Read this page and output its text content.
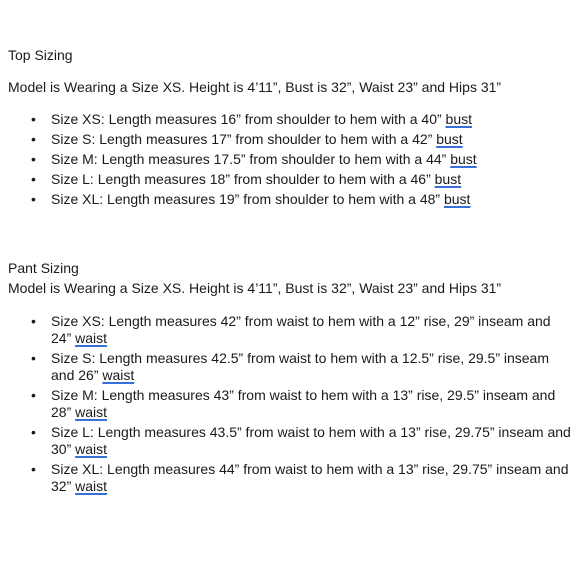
Top Sizing

Model is Wearing a Size XS. Height is 4’11”, Bust is 32”, Waist 23” and Hips 31”

• Size XS: Length measures 16” from shoulder to hem with a 40” bust
• Size S: Length measures 17” from shoulder to hem with a 42” bust
• Size M: Length measures 17.5” from shoulder to hem with a 44” bust
• Size L: Length measures 18” from shoulder to hem with a 46” bust
• Size XL: Length measures 19” from shoulder to hem with a 48” bust

Pant Sizing

Model is Wearing a Size XS. Height is 4’11”, Bust is 32”, Waist 23” and Hips 31”

• Size XS: Length measures 42” from waist to hem with a 12” rise, 29” inseam and 24” waist
• Size S: Length measures 42.5” from waist to hem with a 12.5” rise, 29.5” inseam and 26” waist
• Size M: Length measures 43” from waist to hem with a 13” rise, 29.5” inseam and 28” waist
• Size L: Length measures 43.5” from waist to hem with a 13” rise, 29.75” inseam and 30” waist
• Size XL: Length measures 44” from waist to hem with a 13” rise, 29.75” inseam and 32” waist
